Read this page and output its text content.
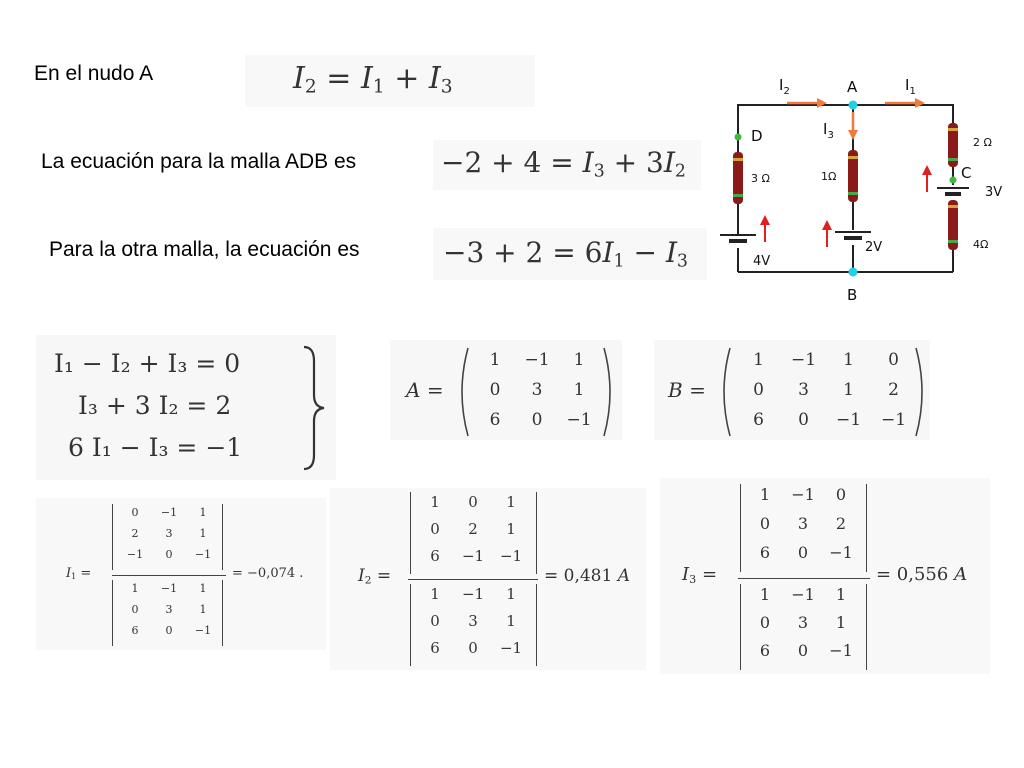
En el nudo A
La ecuación para la malla ADB es
Para la otra malla, la ecuación es
$I_2 = I_1 + I_3$
$-2 + 4 = I_3 + 3I_2$
$-3 + 2 = 6I_1 - I_3$
A
B
C
D
$I_2$	$I_1$
$I_3$
3 Ω	1Ω
2 Ω
4Ω
4V
2V
3V
I₁ − I₂ + I₃ = 0
I₃ + 3 I₂ = 2
6 I₁ − I₃ = −1
A =
1	−1	1
0	3	1
6	0	−1
B =
1	−1	1	0
0	3	1	2
6	0	−1	−1
$I_1$ =
0	−1	1
2	3	1
−1	0	−1
1	−1	1
0	3	1
6	0	−1
= −0,074 .	$I_2$ =
1	0	1
0	2	1
6	−1	−1
1	−1	1
0	3	1
6	0	−1
= 0,481 A	$I_3$ =
1	−1	0
0	3	2
6	0	−1
1	−1	1
0	3	1
6	0	−1
= 0,556 A
